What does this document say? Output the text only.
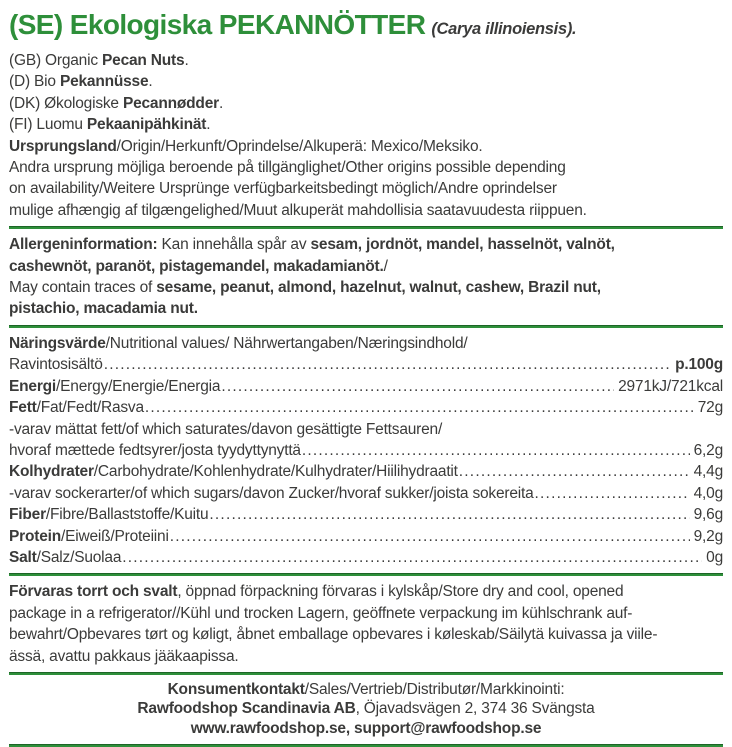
(SE) Ekologiska PEKANNÖTTER (Carya illinoiensis).
(GB) Organic Pecan Nuts.
(D) Bio Pekannüsse.
(DK) Økologiske Pecannødder.
(FI) Luomu Pekaanipähkinät.
Ursprungsland/Origin/Herkunft/Oprindelse/Alkuperä: Mexico/Meksiko.
Andra ursprung möjliga beroende på tillgänglighet/Other origins possible depending
on availability/Weitere Ursprünge verfügbarkeitsbedingt möglich/Andre oprindelser
mulige afhængig af tilgængelighed/Muut alkuperät mahdollisia saatavuudesta riippuen.
Allergeninformation: Kan innehålla spår av sesam, jordnöt, mandel, hasselnöt, valnöt,
cashewnöt, paranöt, pistagemandel, makadamianöt./
May contain traces of sesame, peanut, almond, hazelnut, walnut, cashew, Brazil nut,
pistachio, macadamia nut.
Näringsvärde/Nutritional values/ Nährwertangaben/Næringsindhold/
Ravintosisältö .....	p.100g
Energi/Energy/Energie/Energia .....	2971kJ/721kcal
Fett/Fat/Fedt/Rasva .....	72g
-varav mättat fett/of which saturates/davon gesättigte Fettsauren/
hvoraf mættede fedtsyrer/josta tyydyttynyttä .....	6,2g
Kolhydrater/Carbohydrate/Kohlenhydrate/Kulhydrater/Hiilihydraatit .....	4,4g
-varav sockerarter/of which sugars/davon Zucker/hvoraf sukker/joista sokereita .....	4,0g
Fiber/Fibre/Ballaststoffe/Kuitu .....	9,6g
Protein/Eiweiß/Proteiini .....	9,2g
Salt/Salz/Suolaa .....	0g
Förvaras torrt och svalt, öppnad förpackning förvaras i kylskåp/Store dry and cool, opened
package in a refrigerator//Kühl und trocken Lagern, geöffnete verpackung im kühlschrank auf-
bewahrt/Opbevares tørt og køligt, åbnet emballage opbevares i køleskab/Säilytä kuivassa ja viile-
ässä, avattu pakkaus jääkaapissa.
Konsumentkontakt/Sales/Vertrieb/Distributør/Markkinointi:
Rawfoodshop Scandinavia AB, Öjavadsvägen 2, 374 36 Svängsta
www.rawfoodshop.se, support@rawfoodshop.se
